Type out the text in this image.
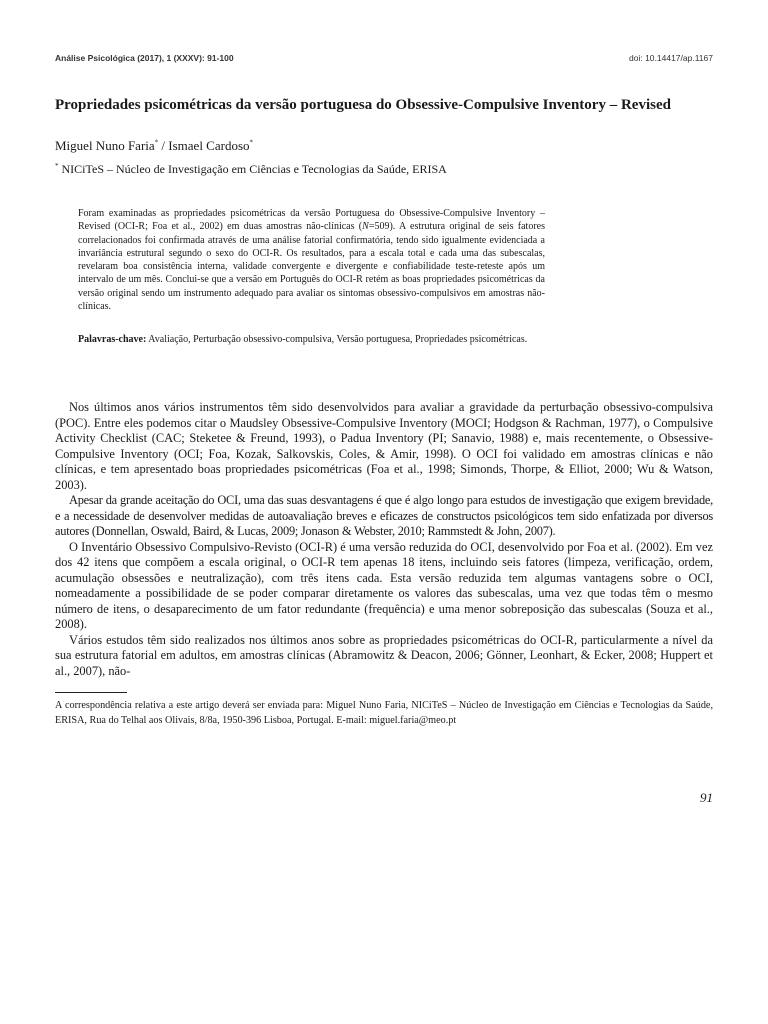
Análise Psicológica (2017), 1 (XXXV): 91-100	doi: 10.14417/ap.1167
Propriedades psicométricas da versão portuguesa do Obsessive-Compulsive Inventory – Revised
Miguel Nuno Faria* / Ismael Cardoso*
* NICiTeS – Núcleo de Investigação em Ciências e Tecnologias da Saúde, ERISA

Foram examinadas as propriedades psicométricas da versão Portuguesa do Obsessive-Compulsive Inventory – Revised (OCI-R; Foa et al., 2002) em duas amostras não-clínicas (N=509). A estrutura original de seis fatores correlacionados foi confirmada através de uma análise fatorial confirmatória, tendo sido igualmente evidenciada a invariância estrutural segundo o sexo do OCI-R. Os resultados, para a escala total e cada uma das subescalas, revelaram boa consistência interna, validade convergente e divergente e confiabilidade teste-reteste após um intervalo de um mês. Conclui-se que a versão em Português do OCI-R retém as boas propriedades psicométricas da versão original sendo um instrumento adequado para avaliar os sintomas obsessivo-compulsivos em amostras não-clínicas.

Palavras-chave: Avaliação, Perturbação obsessivo-compulsiva, Versão portuguesa, Propriedades psicométricas.

Nos últimos anos vários instrumentos têm sido desenvolvidos para avaliar a gravidade da perturbação obsessivo-compulsiva (POC). Entre eles podemos citar o Maudsley Obsessive-Compulsive Inventory (MOCI; Hodgson & Rachman, 1977), o Compulsive Activity Checklist (CAC; Steketee & Freund, 1993), o Padua Inventory (PI; Sanavio, 1988) e, mais recentemente, o Obsessive-Compulsive Inventory (OCI; Foa, Kozak, Salkovskis, Coles, & Amir, 1998). O OCI foi validado em amostras clínicas e não clínicas, e tem apresentado boas propriedades psicométricas (Foa et al., 1998; Simonds, Thorpe, & Elliot, 2000; Wu & Watson, 2003).

Apesar da grande aceitação do OCI, uma das suas desvantagens é que é algo longo para estudos de investigação que exigem brevidade, e a necessidade de desenvolver medidas de autoavaliação breves e eficazes de constructos psicológicos tem sido enfatizada por diversos autores (Donnellan, Oswald, Baird, & Lucas, 2009; Jonason & Webster, 2010; Rammstedt & John, 2007).

O Inventário Obsessivo Compulsivo-Revisto (OCI-R) é uma versão reduzida do OCI, desenvolvido por Foa et al. (2002). Em vez dos 42 itens que compõem a escala original, o OCI-R tem apenas 18 itens, incluindo seis fatores (limpeza, verificação, ordem, acumulação obsessões e neutralização), com três itens cada. Esta versão reduzida tem algumas vantagens sobre o OCI, nomeadamente a possibilidade de se poder comparar diretamente os valores das subescalas, uma vez que todas têm o mesmo número de itens, o desaparecimento de um fator redundante (frequência) e uma menor sobreposição das subescalas (Souza et al., 2008).

Vários estudos têm sido realizados nos últimos anos sobre as propriedades psicométricas do OCI-R, particularmente a nível da sua estrutura fatorial em adultos, em amostras clínicas (Abramowitz & Deacon, 2006; Gönner, Leonhart, & Ecker, 2008; Huppert et al., 2007), não-

A correspondência relativa a este artigo deverá ser enviada para: Miguel Nuno Faria, NICiTeS – Núcleo de Investigação em Ciências e Tecnologias da Saúde, ERISA, Rua do Telhal aos Olivais, 8/8a, 1950-396 Lisboa, Portugal. E-mail: miguel.faria@meo.pt

91
